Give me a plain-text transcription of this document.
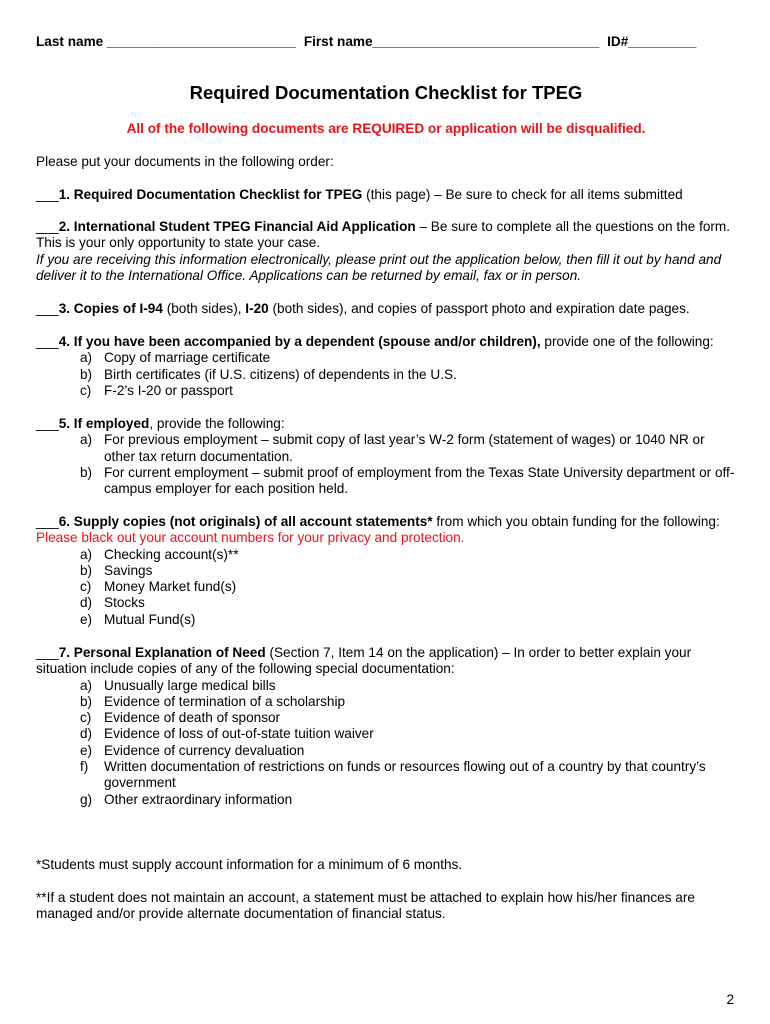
Last name _________________________ First name______________________________ ID#_________
Required Documentation Checklist for TPEG
All of the following documents are REQUIRED or application will be disqualified.
Please put your documents in the following order:
___1. Required Documentation Checklist for TPEG (this page) – Be sure to check for all items submitted
___2. International Student TPEG Financial Aid Application – Be sure to complete all the questions on the form. This is your only opportunity to state your case.
If you are receiving this information electronically, please print out the application below, then fill it out by hand and deliver it to the International Office. Applications can be returned by email, fax or in person.
___3. Copies of I-94 (both sides), I-20 (both sides), and copies of passport photo and expiration date pages.
___4. If you have been accompanied by a dependent (spouse and/or children), provide one of the following:
a) Copy of marriage certificate
b) Birth certificates (if U.S. citizens) of dependents in the U.S.
c) F-2’s I-20 or passport
___5. If employed, provide the following:
a) For previous employment – submit copy of last year’s W-2 form (statement of wages) or 1040 NR or other tax return documentation.
b) For current employment – submit proof of employment from the Texas State University department or off-campus employer for each position held.
___6. Supply copies (not originals) of all account statements* from which you obtain funding for the following:
Please black out your account numbers for your privacy and protection.
a) Checking account(s)**
b) Savings
c) Money Market fund(s)
d) Stocks
e) Mutual Fund(s)
___7. Personal Explanation of Need (Section 7, Item 14 on the application) – In order to better explain your situation include copies of any of the following special documentation:
a) Unusually large medical bills
b) Evidence of termination of a scholarship
c) Evidence of death of sponsor
d) Evidence of loss of out-of-state tuition waiver
e) Evidence of currency devaluation
f) Written documentation of restrictions on funds or resources flowing out of a country by that country’s government
g) Other extraordinary information
*Students must supply account information for a minimum of 6 months.
**If a student does not maintain an account, a statement must be attached to explain how his/her finances are managed and/or provide alternate documentation of financial status.
2
